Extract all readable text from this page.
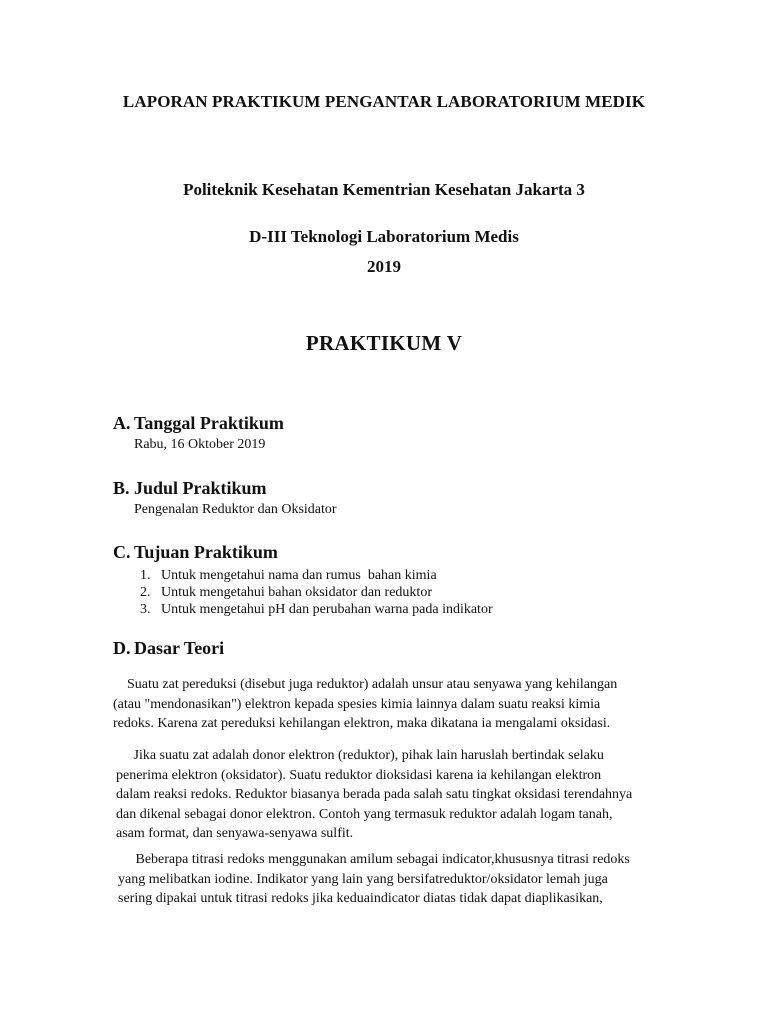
LAPORAN PRAKTIKUM PENGANTAR LABORATORIUM MEDIK
Politeknik Kesehatan Kementrian Kesehatan Jakarta 3
D-III Teknologi Laboratorium Medis
2019
PRAKTIKUM V
A. Tanggal Praktikum
Rabu, 16 Oktober 2019
B. Judul Praktikum
Pengenalan Reduktor dan Oksidator
C. Tujuan Praktikum
1. Untuk mengetahui nama dan rumus  bahan kimia
2. Untuk mengetahui bahan oksidator dan reduktor
3. Untuk mengetahui pH dan perubahan warna pada indikator
D. Dasar Teori
Suatu zat pereduksi (disebut juga reduktor) adalah unsur atau senyawa yang kehilangan
(atau "mendonasikan") elektron kepada spesies kimia lainnya dalam suatu reaksi kimia
redoks. Karena zat pereduksi kehilangan elektron, maka dikatana ia mengalami oksidasi.
Jika suatu zat adalah donor elektron (reduktor), pihak lain haruslah bertindak selaku
penerima elektron (oksidator). Suatu reduktor dioksidasi karena ia kehilangan elektron
dalam reaksi redoks. Reduktor biasanya berada pada salah satu tingkat oksidasi terendahnya
dan dikenal sebagai donor elektron. Contoh yang termasuk reduktor adalah logam tanah,
asam format, dan senyawa-senyawa sulfit.
Beberapa titrasi redoks menggunakan amilum sebagai indicator,khususnya titrasi redoks
yang melibatkan iodine. Indikator yang lain yang bersifatreduktor/oksidator lemah juga
sering dipakai untuk titrasi redoks jika keduaindicator diatas tidak dapat diaplikasikan,
